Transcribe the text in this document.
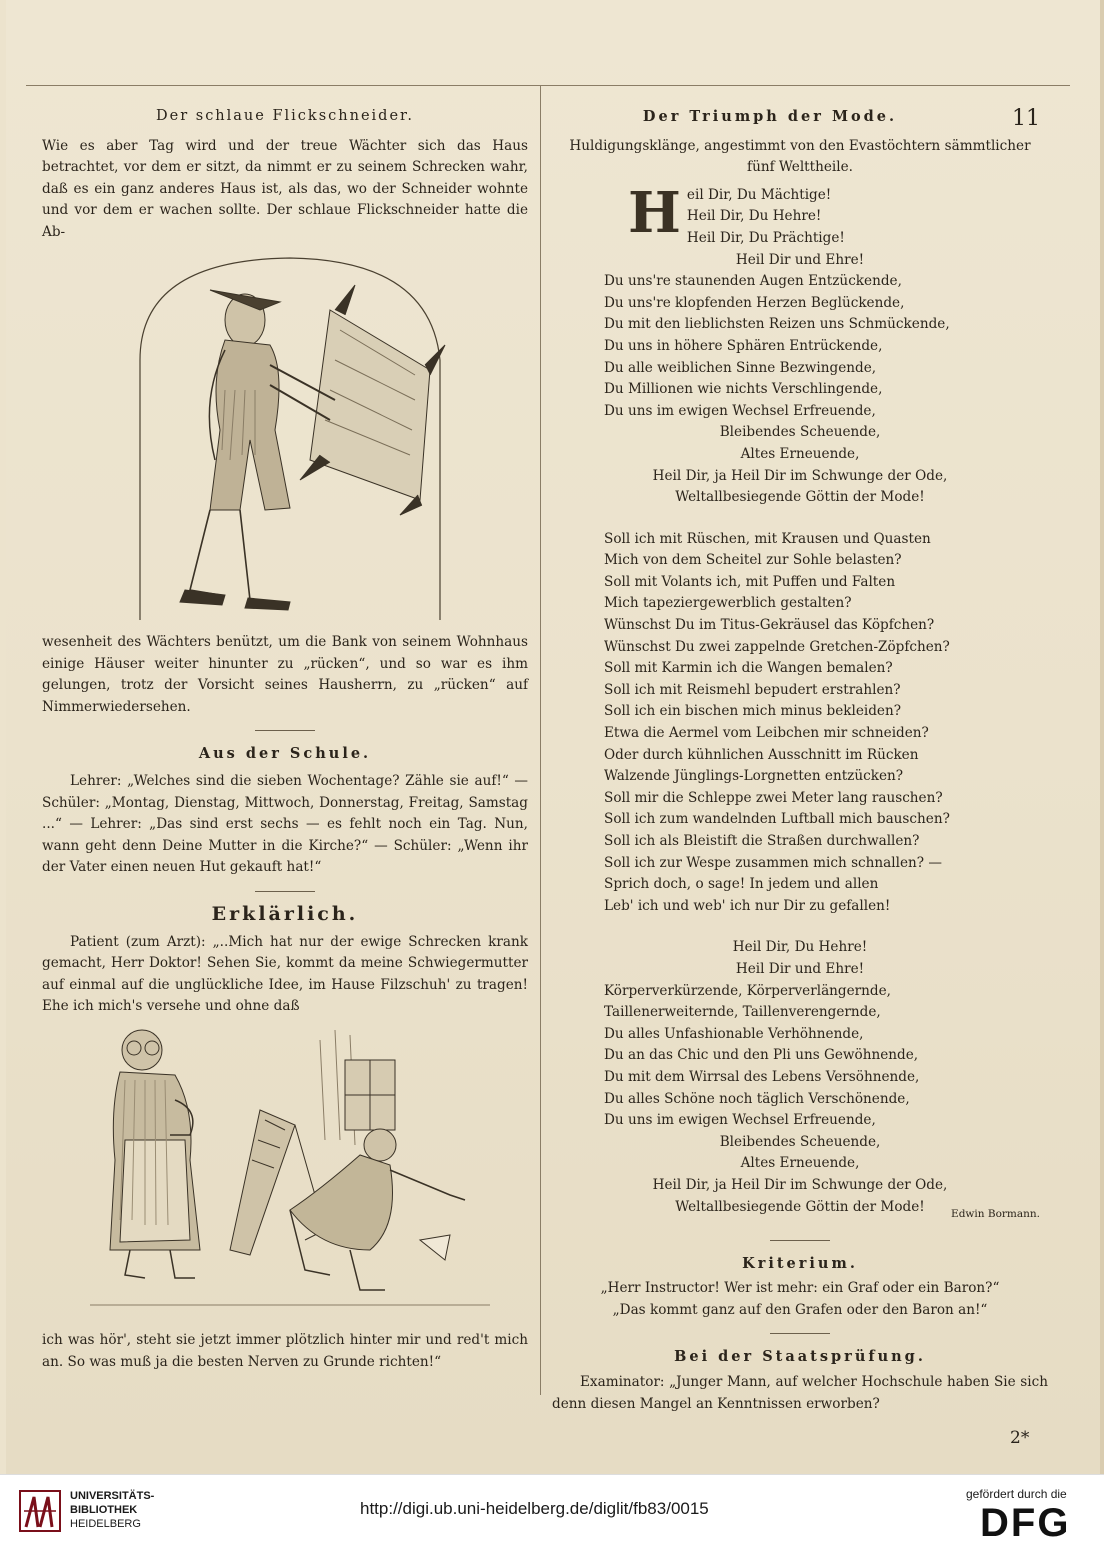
11
Der schlaue Flickschneider.
Wie es aber Tag wird und der treue Wächter sich das Haus betrachtet, vor dem er sitzt, da nimmt er zu seinem Schrecken wahr, daß es ein ganz anderes Haus ist, als das, wo der Schneider wohnte und vor dem er wachen sollte. Der schlaue Flickschneider hatte die Ab-
wesenheit des Wächters benützt, um die Bank von seinem Wohnhaus einige Häuser weiter hinunter zu „rücken“, und so war es ihm gelungen, trotz der Vorsicht seines Hausherrn, zu „rücken“ auf Nimmerwiedersehen.
Aus der Schule.
Lehrer: „Welches sind die sieben Wochentage? Zähle sie auf!“ — Schüler: „Montag, Dienstag, Mittwoch, Donnerstag, Freitag, Samstag ...“ — Lehrer: „Das sind erst sechs — es fehlt noch ein Tag. Nun, wann geht denn Deine Mutter in die Kirche?“ — Schüler: „Wenn ihr der Vater einen neuen Hut gekauft hat!“
Erklärlich.
Patient (zum Arzt): „..Mich hat nur der ewige Schrecken krank gemacht, Herr Doktor! Sehen Sie, kommt da meine Schwiegermutter auf einmal auf die unglückliche Idee, im Hause Filzschuh' zu tragen! Ehe ich mich's versehe und ohne daß
ich was hör', steht sie jetzt immer plötzlich hinter mir und red't mich an. So was muß ja die besten Nerven zu Grunde richten!“
Der Triumph der Mode.
Huldigungsklänge, angestimmt von den Evastöchtern sämmtlicher fünf Welttheile.
H eil Dir, Du Mächtige!
Heil Dir, Du Hehre!
Heil Dir, Du Prächtige!
Heil Dir und Ehre!
Du uns're staunenden Augen Entzückende,
Du uns're klopfenden Herzen Beglückende,
Du mit den lieblichsten Reizen uns Schmückende,
Du uns in höhere Sphären Entrückende,
Du alle weiblichen Sinne Bezwingende,
Du Millionen wie nichts Verschlingende,
Du uns im ewigen Wechsel Erfreuende,
Bleibendes Scheuende,
Altes Erneuende,
Heil Dir, ja Heil Dir im Schwunge der Ode,
Weltallbesiegende Göttin der Mode!
Soll ich mit Rüschen, mit Krausen und Quasten
Mich von dem Scheitel zur Sohle belasten?
Soll mit Volants ich, mit Puffen und Falten
Mich tapeziergewerblich gestalten?
Wünschst Du im Titus-Gekräusel das Köpfchen?
Wünschst Du zwei zappelnde Gretchen-Zöpfchen?
Soll mit Karmin ich die Wangen bemalen?
Soll ich mit Reismehl bepudert erstrahlen?
Soll ich ein bischen mich minus bekleiden?
Etwa die Aermel vom Leibchen mir schneiden?
Oder durch kühnlichen Ausschnitt im Rücken
Walzende Jünglings-Lorgnetten entzücken?
Soll mir die Schleppe zwei Meter lang rauschen?
Soll ich zum wandelnden Luftball mich bauschen?
Soll ich als Bleistift die Straßen durchwallen?
Soll ich zur Wespe zusammen mich schnallen? —
Sprich doch, o sage! In jedem und allen
Leb' ich und web' ich nur Dir zu gefallen!
Heil Dir, Du Hehre!
Heil Dir und Ehre!
Körperverkürzende, Körperverlängernde,
Taillenerweiternde, Taillenverengernde,
Du alles Unfashionable Verhöhnende,
Du an das Chic und den Pli uns Gewöhnende,
Du mit dem Wirrsal des Lebens Versöhnende,
Du alles Schöne noch täglich Verschönende,
Du uns im ewigen Wechsel Erfreuende,
Bleibendes Scheuende,
Altes Erneuende,
Heil Dir, ja Heil Dir im Schwunge der Ode,
Weltallbesiegende Göttin der Mode!	Edwin Bormann.
Kriterium.
„Herr Instructor! Wer ist mehr: ein Graf oder ein Baron?“
„Das kommt ganz auf den Grafen oder den Baron an!“
Bei der Staatsprüfung.
Examinator: „Junger Mann, auf welcher Hochschule haben Sie sich denn diesen Mangel an Kenntnissen erworben?
2*
UNIVERSITÄTS-
BIBLIOTHEK
HEIDELBERG
http://digi.ub.uni-heidelberg.de/diglit/fb83/0015
gefördert durch die
DFG
